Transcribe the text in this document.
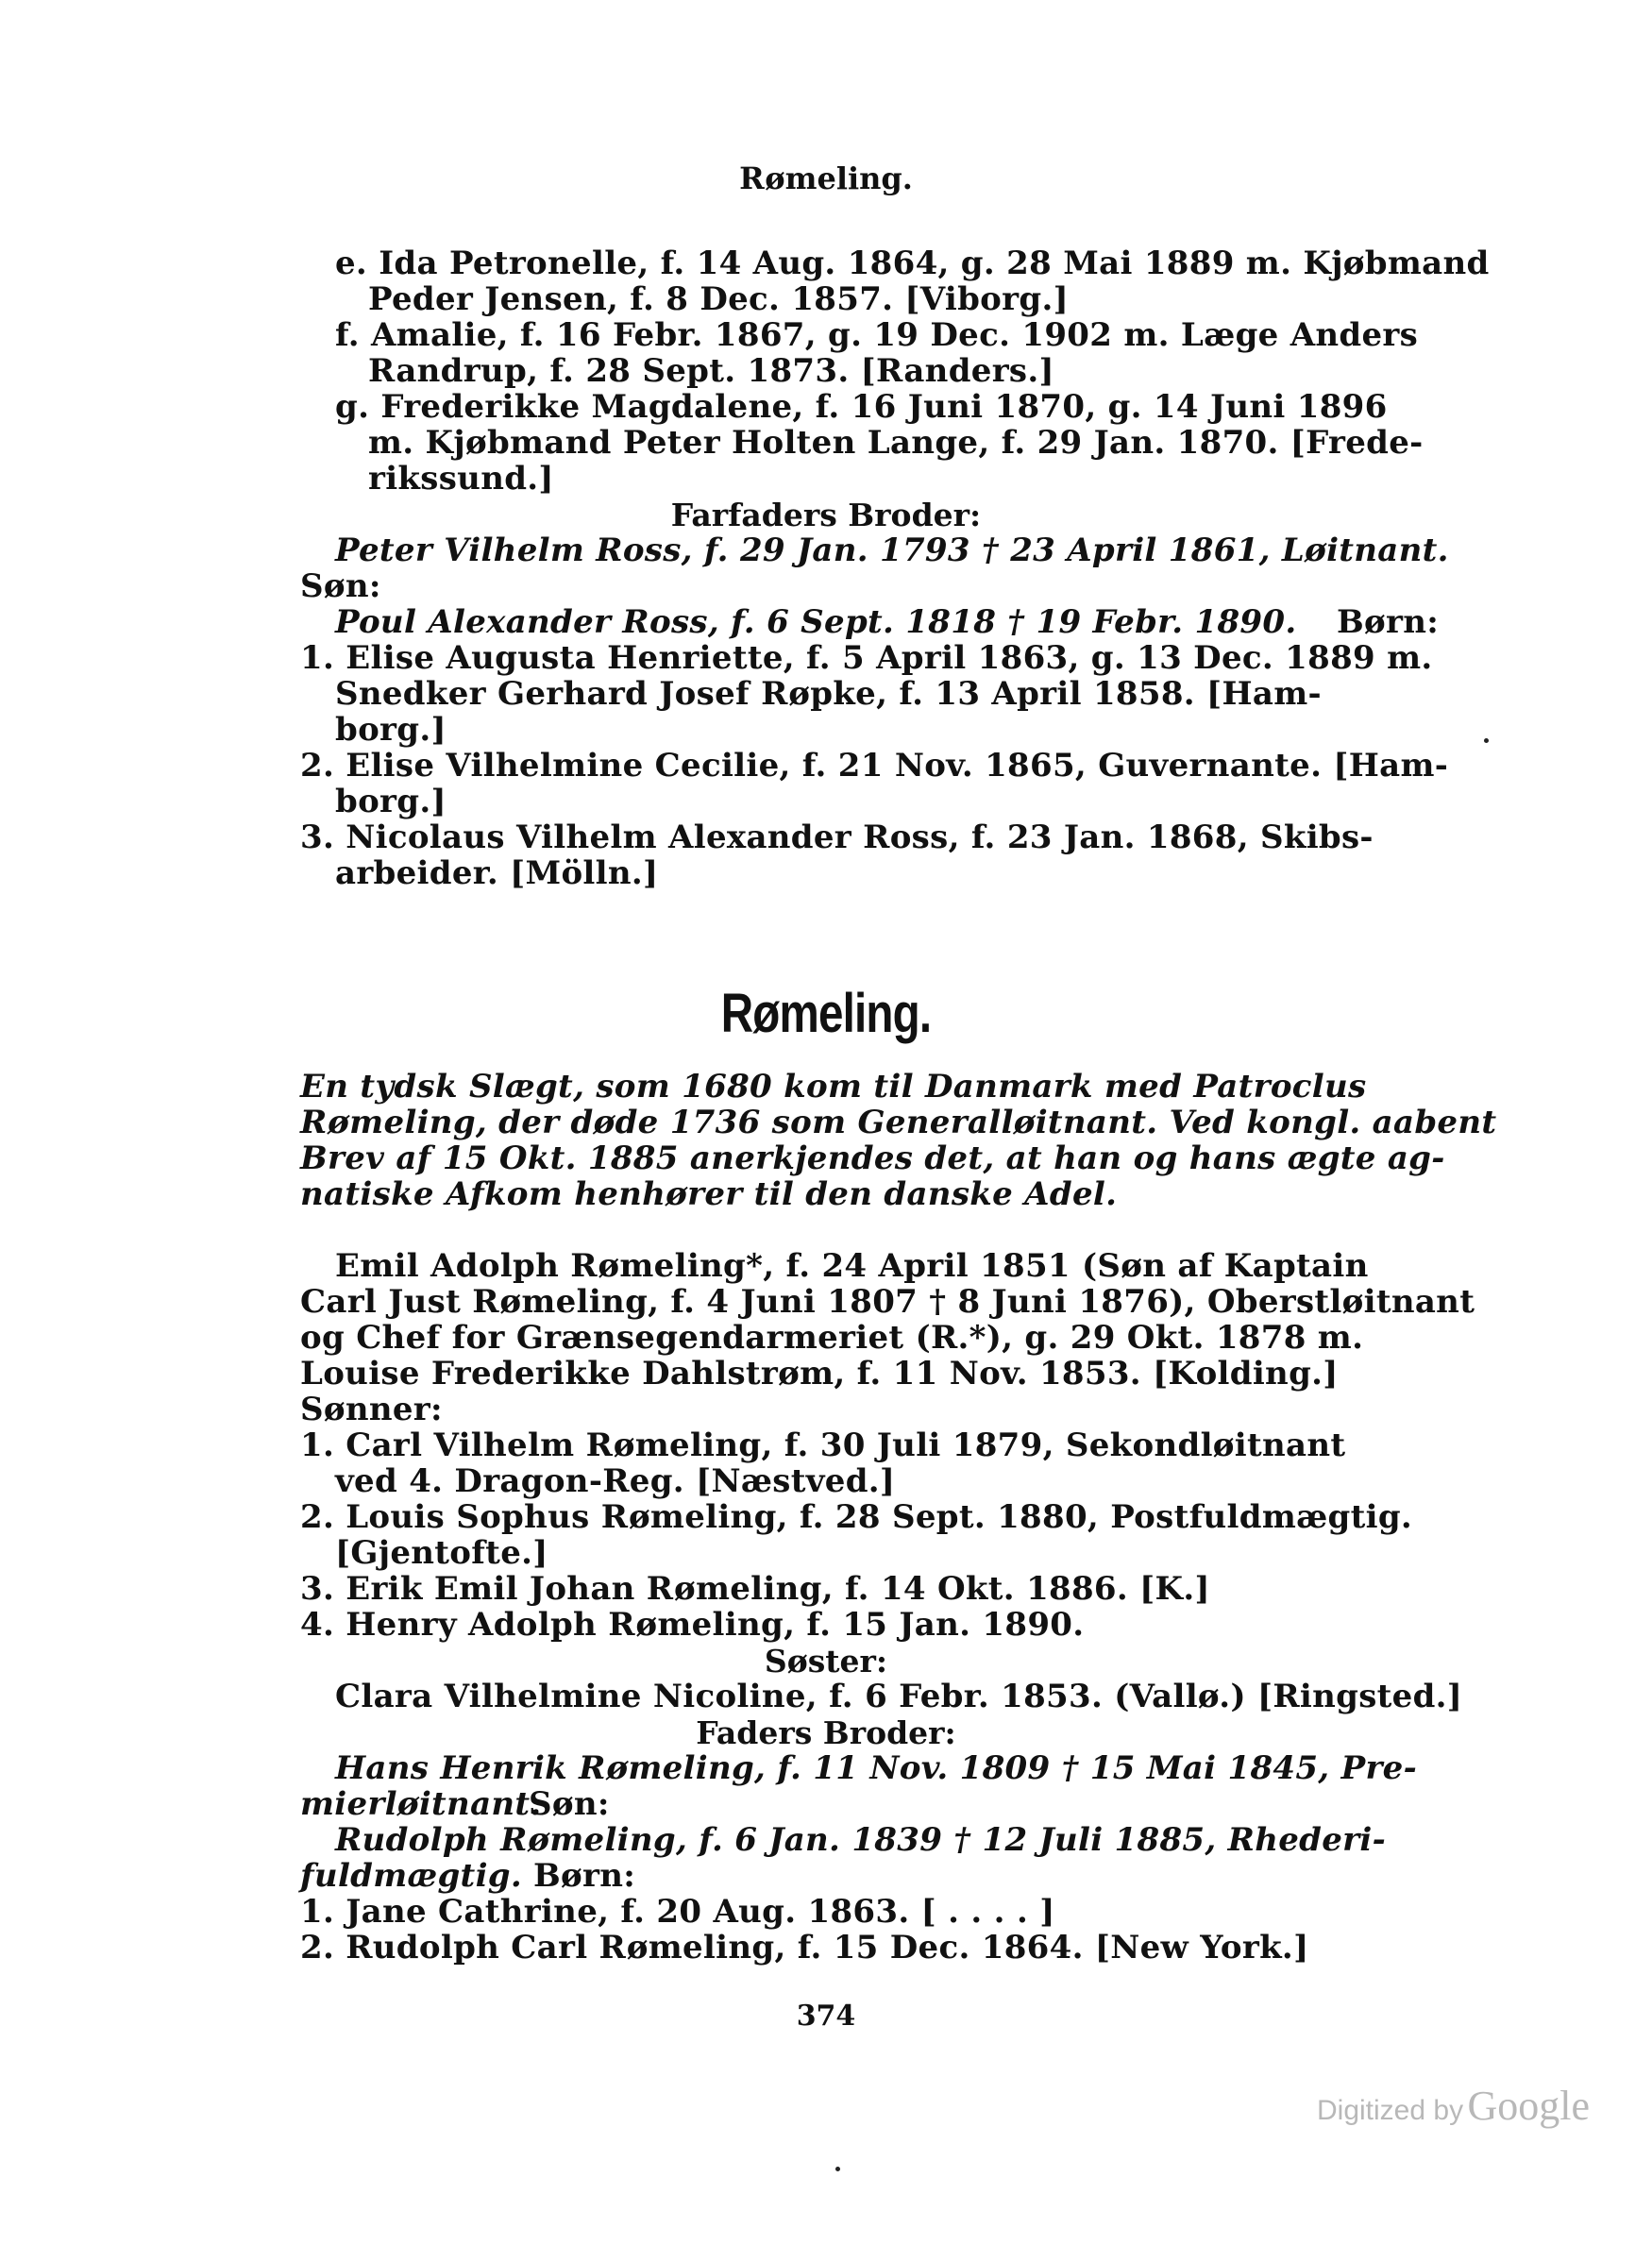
Rømeling.
e. Ida Petronelle, f. 14 Aug. 1864, g. 28 Mai 1889 m. Kjøbmand
Peder Jensen, f. 8 Dec. 1857. [Viborg.]
f. Amalie, f. 16 Febr. 1867, g. 19 Dec. 1902 m. Læge Anders
Randrup, f. 28 Sept. 1873. [Randers.]
g. Frederikke Magdalene, f. 16 Juni 1870, g. 14 Juni 1896
m. Kjøbmand Peter Holten Lange, f. 29 Jan. 1870. [Frede-
rikssund.]
Farfaders Broder:
Peter Vilhelm Ross, f. 29 Jan. 1793 † 23 April 1861, Løitnant.
Søn:
Poul Alexander Ross, f. 6 Sept. 1818 † 19 Febr. 1890. Børn:
1. Elise Augusta Henriette, f. 5 April 1863, g. 13 Dec. 1889 m.
Snedker Gerhard Josef Røpke, f. 13 April 1858. [Ham-
borg.]
2. Elise Vilhelmine Cecilie, f. 21 Nov. 1865, Guvernante. [Ham-
borg.]
3. Nicolaus Vilhelm Alexander Ross, f. 23 Jan. 1868, Skibs-
arbeider. [Mölln.]
Rømeling.
En tydsk Slægt, som 1680 kom til Danmark med Patroclus
Rømeling, der døde 1736 som Generalløitnant. Ved kongl. aabent
Brev af 15 Okt. 1885 anerkjendes det, at han og hans ægte ag-
natiske Afkom henhører til den danske Adel.
Emil Adolph Rømeling*, f. 24 April 1851 (Søn af Kaptain
Carl Just Rømeling, f. 4 Juni 1807 † 8 Juni 1876), Oberstløitnant
og Chef for Grænsegendarmeriet (R.*), g. 29 Okt. 1878 m.
Louise Frederikke Dahlstrøm, f. 11 Nov. 1853. [Kolding.]
Sønner:
1. Carl Vilhelm Rømeling, f. 30 Juli 1879, Sekondløitnant
ved 4. Dragon-Reg. [Næstved.]
2. Louis Sophus Rømeling, f. 28 Sept. 1880, Postfuldmægtig.
[Gjentofte.]
3. Erik Emil Johan Rømeling, f. 14 Okt. 1886. [K.]
4. Henry Adolph Rømeling, f. 15 Jan. 1890.
Søster:
Clara Vilhelmine Nicoline, f. 6 Febr. 1853. (Vallø.) [Ringsted.]
Faders Broder:
Hans Henrik Rømeling, f. 11 Nov. 1809 † 15 Mai 1845, Pre-
mierløitnant.
Søn:
Rudolph Rømeling, f. 6 Jan. 1839 † 12 Juli 1885, Rhederi-
fuldmægtig. Børn:
1. Jane Cathrine, f. 20 Aug. 1863. [ . . . . ]
2. Rudolph Carl Rømeling, f. 15 Dec. 1864. [New York.]
374
Digitized by Google
